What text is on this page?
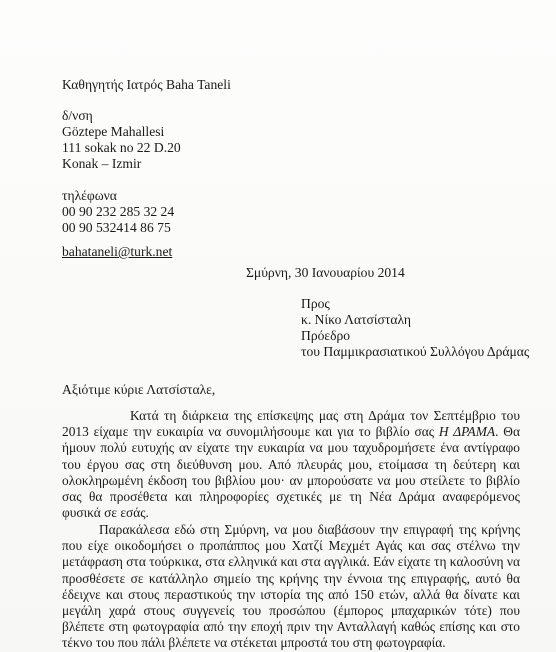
Καθηγητής Ιατρός Baha Taneli
δ/νση
Göztepe Mahallesi
111 sokak no 22 D.20
Konak – Izmir
τηλέφωνα
00 90 232 285 32 24
00 90 532414 86 75
bahataneli@turk.net
Σμύρνη, 30 Ιανουαρίου 2014
Προς
κ. Νίκο Λατσίσταλη
Πρόεδρο
του Παμμικρασιατικού Συλλόγου Δράμας
Αξιότιμε κύριε Λατσίσταλε,

Κατά τη διάρκεια της επίσκεψης μας στη Δράμα τον Σεπτέμβριο του 2013 είχαμε την ευκαιρία να συνομιλήσουμε και για το βιβλίο σας Η ΔΡΑΜΑ. Θα ήμουν πολύ ευτυχής αν είχατε την ευκαιρία να μου ταχυδρομήσετε ένα αντίγραφο του έργου σας στη διεύθυνση μου. Από πλευράς μου, ετοίμασα τη δεύτερη και ολοκληρωμένη έκδοση του βιβλίου μου· αν μπορούσατε να μου στείλετε το βιβλίο σας θα προσέθετα και πληροφορίες σχετικές με τη Νέα Δράμα αναφερόμενος φυσικά σε εσάς.

Παρακάλεσα εδώ στη Σμύρνη, να μου διαβάσουν την επιγραφή της κρήνης που είχε οικοδομήσει ο προπάππος μου Χατζί Μεχμέτ Αγάς και σας στέλνω την μετάφραση στα τούρκικα, στα ελληνικά και στα αγγλικά. Εάν είχατε τη καλοσύνη να προσθέσετε σε κατάλληλο σημείο της κρήνης την έννοια της επιγραφής, αυτό θα έδειχνε και στους περαστικούς την ιστορία της από 150 ετών, αλλά θα δίνατε και μεγάλη χαρά στους συγγενείς του προσώπου (έμπορος μπαχαρικών τότε) που βλέπετε στη φωτογραφία από την εποχή πριν την Ανταλλαγή καθώς επίσης και στο τέκνο του που πάλι βλέπετε να στέκεται μπροστά του στη φωτογραφία.
